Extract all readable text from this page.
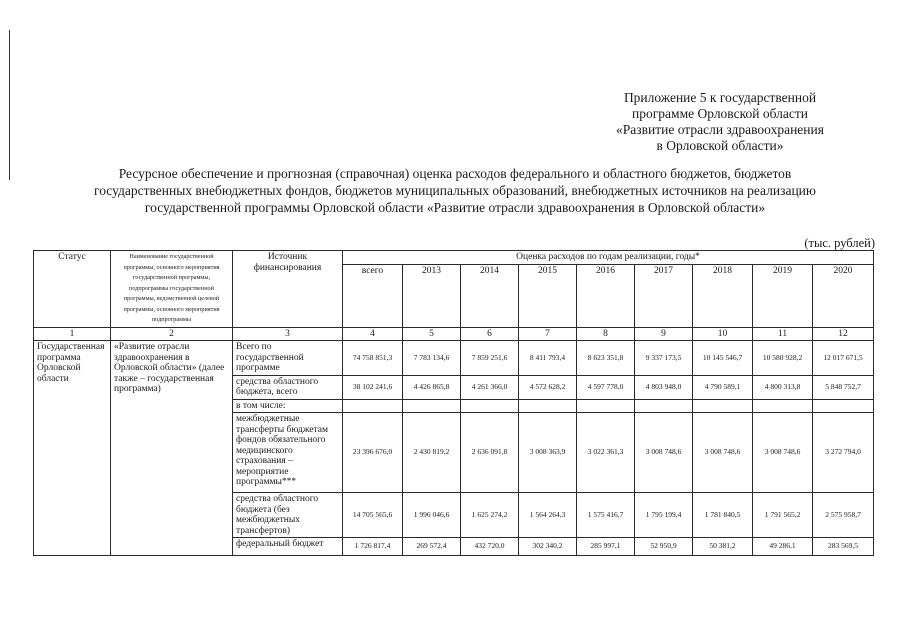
Приложение 5 к государственной
программе Орловской области
«Развитие отрасли здравоохранения
в Орловской области»
Ресурсное обеспечение и прогнозная (справочная) оценка расходов федерального и областного бюджетов, бюджетов
государственных внебюджетных фондов, бюджетов муниципальных образований, внебюджетных источников на реализацию
государственной программы Орловской области «Развитие отрасли здравоохранения в Орловской области»
(тыс. рублей)
Статус	Наименование государственной программы, основного мероприятия государственной программы, подпрограммы государственной программы, ведомственной целевой программы, основного мероприятия подпрограммы	Источник финансирования	Оценка расходов по годам реализации, годы*								
			всего	2013	2014	2015	2016	2017	2018	2019	2020
1	2	3	4	5	6	7	8	9	10	11	12
Государственная программа Орловской области	«Развитие отрасли здравоохранения в Орловской области» (далее также – государственная программа)	Всего по государственной программе	74 758 851,3	7 783 134,6	7 859 251,6	8 411 793,4	8 623 351,8	9 337 173,5	10 145 546,7	10 580 928,2	12 017 671,5
		средства областного бюджета, всего	38 102 241,6	4 426 865,8	4 261 366,0	4 572 628,2	4 597 778,0	4 803 948,0	4 790 589,1	4 800 313,8	5 848 752,7
		в том числе:									
		межбюджетные трансферты бюджетам фондов обязательного медицинского страхования – мероприятие программы***	23 396 676,0	2 430 819,2	2 636 091,8	3 008 363,9	3 022 361,3	3 008 748,6	3 008 748,6	3 008 748,6	3 272 794,0
		средства областного бюджета (без межбюджетных трансфертов)	14 705 565,6	1 996 046,6	1 625 274,2	1 564 264,3	1 575 416,7	1 795 199,4	1 781 840,5	1 791 565,2	2 575 958,7
		федеральный бюджет	1 726 817,4	269 572,4	432 720,0	302 340,2	285 997,1	52 950,9	50 381,2	49 286,1	283 569,5
